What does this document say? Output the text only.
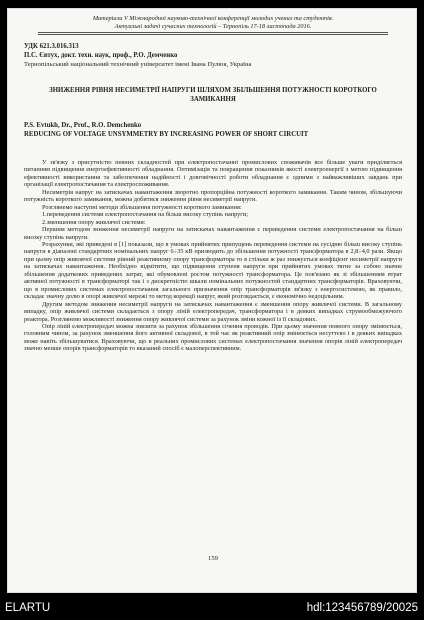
Матеріали V Міжнародної науково-технічної конференції молодих учених та студентів.
Актуальні задачі сучасних технологій – Тернопіль 17-18 листопада 2016.
УДК 621.3.016.313
П.С. Євтух, докт. техн. наук, проф., Р.О. Демченко
Тернопільський національний технічний університет імені Івана Пулюя, Україна
ЗНИЖЕННЯ РІВНЯ НЕСИМЕТРІЇ НАПРУГИ ШЛЯХОМ ЗБІЛЬШЕННЯ ПОТУЖНОСТІ КОРОТКОГО ЗАМИКАННЯ
P.S. Evtukh, Dr., Prof., R.O. Demchenko
REDUCING OF VOLTAGE UNSYMMETRY BY INCREASING POWER OF SHORT CIRCUIT

У зв'язку з присутністю певних складностей при електропостачанні промислових споживачів все більше уваги приділяється питанням підвищення енергоефективності обладнання. Оптимізація та покращення показників якості електроенергії з метою підвищення ефективності використання та забезпечення надійності і довговічності роботи обладнання є одними з найважливіших завдань при організації електропостачання та електроспоживання.

Несиметрія напруг на затискачах навантаження зворотно пропорційна потужності короткого замикання. Таким чином, збільшуючи потужність короткого замикання, можна добитися зниження рівня несиметрії напруги.

Розглянемо наступні методи збільшення потужності короткого замикання:

1.переведення системи електропостачання на більш високу ступінь напруги;

2.зменшення опору живлячої системи:

Першим методом зниження несиметрії напруги на затискачах навантаження є переведення системи електропостачання на більш високу ступінь напруги.

Розрахунки, які приведені в [1] показали, що в умовах прийнятих припущень переведення системи на сусідню більш високу ступінь напруги в діапазоні стандартних номінальних напруг 6÷35 кВ призводить до збільшення потужності трансформатора в 2,8÷4,0 рази. Якщо при цьому опір живлячої системи рівний реактивному опору трансформатора то в стільки ж раз знижується коефіцієнт несиметрії напруги на затискачах навантаження. Необхідно відмітити, що підвищення ступеня напруги при прийнятих умовах тягне за собою значне збільшення додаткових приведених затрат, які обумовлені ростом потужності трансформатора. Це пов'язано як зі збільшенням втрат активної потужності в трансформаторі так і з дискретністю шкали номінальних потужностей стандартних трансформаторів. Враховуючи, що в промислових системах електропостачання загального призначення опір трансформаторів зв'язку з енергосистемою, як правило, складає значну долю в опорі живлячої мережі то метод корекції напруг, який розглядається, є економічно недоцільним.

Другим методом зниження несиметрії напруги на затискачах навантаження є зменшення опору живлячої системи. В загальному випадку, опір живлячої системи складається з опору ліній електропередач, трансформатора і в деяких випадках струмообмежуючого реактора. Розглянемо можливості зниження опору живлячої системи за рахунок зміни кожної із її складових.

Опір ліній електропередач можна знизити за рахунок збільшення січення проводів. При цьому значення повного опору змінюється, головним чином, за рахунок зменшення його активної складової, в той час як реактивний опір змінюється несуттєво і в деяких випадках може навіть збільшуватися. Враховуючи, що в реальних промислових системах електропостачання значення опорів ліній електропередач значно менше опорів трансформаторів то вказаний спосіб є малоперспективним.

159
ELARTU	hdl:123456789/20025
